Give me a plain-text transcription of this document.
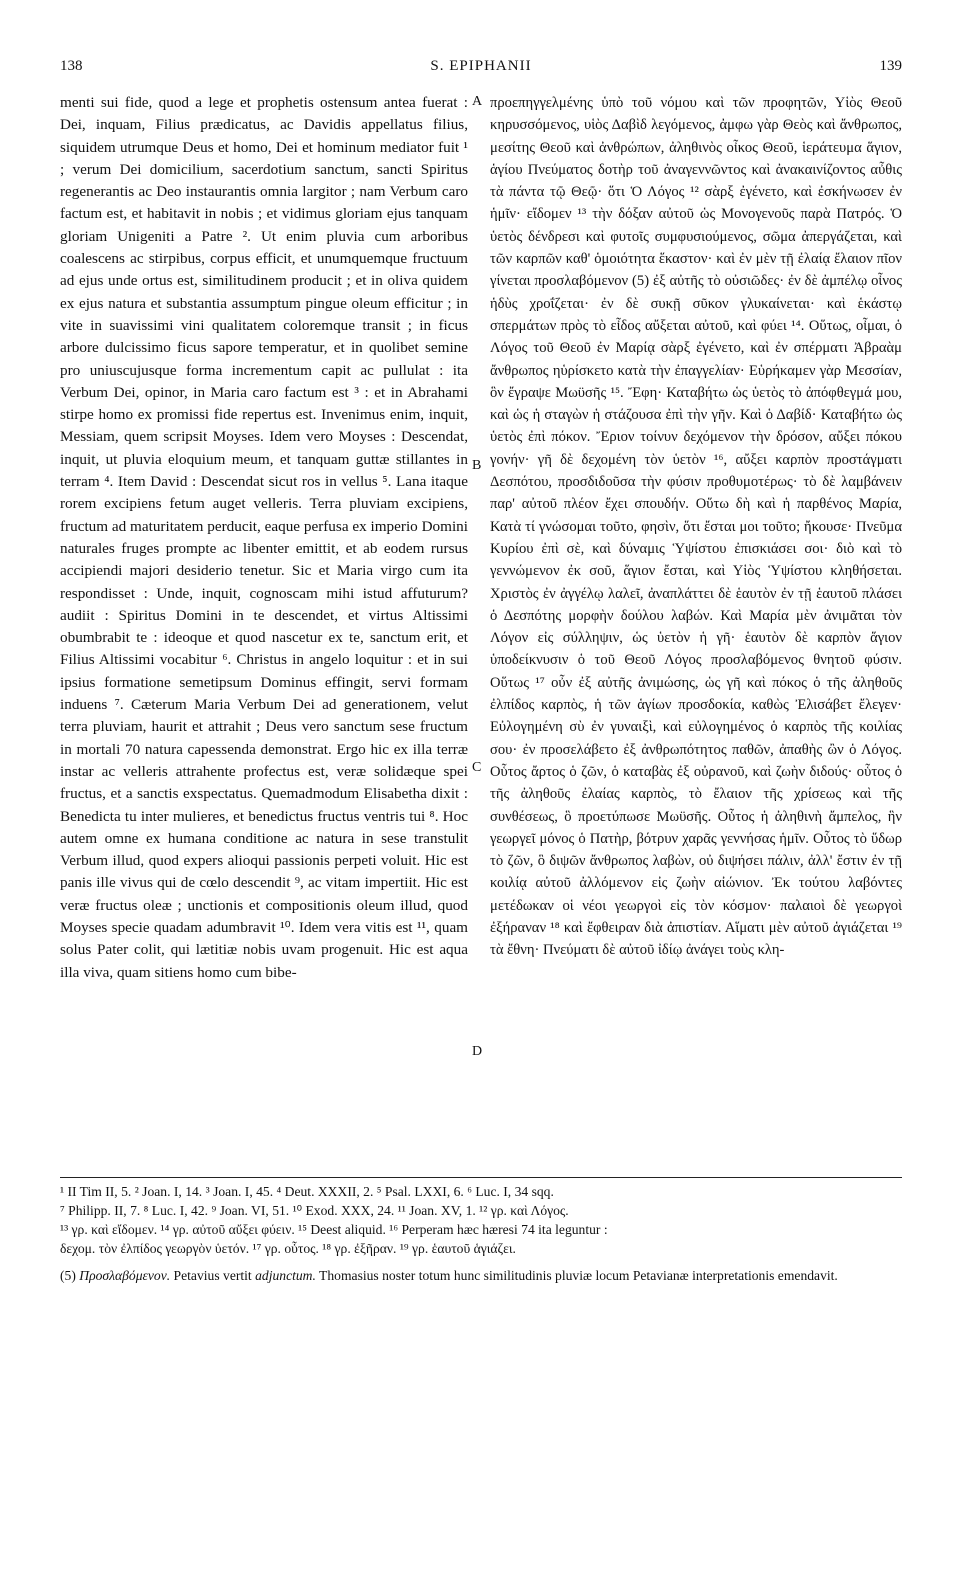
138	S. EPIPHANII	139

menti sui fide, quod a lege et prophetis ostensum antea fuerat : Dei, inquam, Filius prædicatus, ac Davidis appellatus filius, siquidem utrumque Deus et homo, Dei et hominum mediator fuit ¹ ; verum Dei domicilium, sacerdotium sanctum, sancti Spiritus regenerantis ac Deo instaurantis omnia largitor ; nam Verbum caro factum est, et habitavit in nobis ; et vidimus gloriam ejus tanquam gloriam Unigeniti a Patre ². Ut enim pluvia cum arboribus coalescens ac stirpibus, corpus efficit, et unumquemque fructuum ad ejus unde ortus est, similitudinem producit ; et in oliva quidem ex ejus natura et substantia assumptum pingue oleum efficitur ; in vite in suavissimi vini qualitatem coloremque transit ; in ficus arbore dulcissimo ficus sapore temperatur, et in quolibet semine pro uniuscujusque forma incrementum capit ac pullulat : ita Verbum Dei, opinor, in Maria caro factum est ³ : et in Abrahami stirpe homo ex promissi fide repertus est. Invenimus enim, inquit, Messiam, quem scripsit Moyses. Idem vero Moyses : Descendat, inquit, ut pluvia eloquium meum, et tanquam guttæ stillantes in terram ⁴. Item David : Descendat sicut ros in vellus ⁵. Lana itaque rorem excipiens fetum auget velleris. Terra pluviam excipiens, fructum ad maturitatem perducit, eaque perfusa ex imperio Domini naturales fruges prompte ac libenter emittit, et ab eodem rursus accipiendi majori desiderio tenetur. Sic et Maria virgo cum ita respondisset : Unde, inquit, cognoscam mihi istud affuturum? audiit : Spiritus Domini in te descendet, et virtus Altissimi obumbrabit te : ideoque et quod nascetur ex te, sanctum erit, et Filius Altissimi vocabitur ⁶. Christus in angelo loquitur : et in sui ipsius formatione semetipsum Dominus effingit, servi formam induens ⁷. Cæterum Maria Verbum Dei ad generationem, velut terra pluviam, haurit et attrahit ; Deus vero sanctum sese fructum in mortali 70 natura capessenda demonstrat. Ergo hic ex illa terræ instar ac velleris attrahente profectus est, veræ solidæque spei fructus, et a sanctis exspectatus. Quemadmodum Elisabetha dixit : Benedicta tu inter mulieres, et benedictus fructus ventris tui ⁸. Hoc autem omne ex humana conditione ac natura in sese transtulit Verbum illud, quod expers alioqui passionis perpeti voluit. Hic est panis ille vivus qui de cœlo descendit ⁹, ac vitam impertiit. Hic est veræ fructus oleæ ; unctionis et compositionis oleum illud, quod Moyses specie quadam adumbravit ¹⁰. Idem vera vitis est ¹¹, quam solus Pater colit, qui lætitiæ nobis uvam progenuit. Hic est aqua illa viva, quam sitiens homo cum bibe-

A
B
C
D

προεπηγγελμένης ὑπὸ τοῦ νόμου καὶ τῶν προφητῶν, Υἱὸς Θεοῦ κηρυσσόμενος, υἱὸς Δαβὶδ λεγόμενος, ἀμφω γὰρ Θεὸς καὶ ἄνθρωπος, μεσίτης Θεοῦ καὶ ἀνθρώπων, ἀληθινὸς οἶκος Θεοῦ, ἱεράτευμα ἅγιον, ἁγίου Πνεύματος δοτὴρ τοῦ ἀναγεννῶντος καὶ ἀνακαινίζοντος αὖθις τὰ πάντα τῷ Θεῷ· ὅτι Ὁ Λόγος ¹² σὰρξ ἐγένετο, καὶ ἐσκήνωσεν ἐν ἡμῖν· εἴδομεν ¹³ τὴν δόξαν αὐτοῦ ὡς Μονογενοῦς παρὰ Πατρός. Ὁ ὑετὸς δένδρεσι καὶ φυτοῖς συμφυσιούμενος, σῶμα ἀπεργάζεται, καὶ τῶν καρπῶν καθ' ὁμοιότητα ἕκαστον· καὶ ἐν μὲν τῇ ἐλαίᾳ ἔλαιον πῖον γίνεται προσλαβόμενον (5) ἐξ αὐτῆς τὸ οὐσιῶδες· ἐν δὲ ἀμπέλῳ οἶνος ἡδὺς χροΐζεται· ἐν δὲ συκῇ σῦκον γλυκαίνεται· καὶ ἑκάστῳ σπερμάτων πρὸς τὸ εἶδος αὔξεται αὐτοῦ, καὶ φύει ¹⁴. Οὕτως, οἶμαι, ὁ Λόγος τοῦ Θεοῦ ἐν Μαρίᾳ σὰρξ ἐγένετο, καὶ ἐν σπέρματι Ἀβραὰμ ἄνθρωπος ηὑρίσκετο κατὰ τὴν ἐπαγγελίαν· Εὑρήκαμεν γὰρ Μεσσίαν, ὃν ἔγραψε Μωϋσῆς ¹⁵. Ἔφη· Καταβήτω ὡς ὑετὸς τὸ ἀπόφθεγμά μου, καὶ ὡς ἡ σταγὼν ἡ στάζουσα ἐπὶ τὴν γῆν. Καὶ ὁ Δαβίδ· Καταβήτω ὡς ὑετὸς ἐπὶ πόκον. Ἔριον τοίνυν δεχόμενον τὴν δρόσον, αὔξει πόκου γονήν· γῆ δὲ δεχομένη τὸν ὑετὸν ¹⁶, αὔξει καρπὸν προστάγματι Δεσπότου, προσδιδοῦσα τὴν φύσιν προθυμοτέρως· τὸ δὲ λαμβάνειν παρ' αὐτοῦ πλέον ἔχει σπουδήν. Οὕτω δὴ καὶ ἡ παρθένος Μαρία, Κατὰ τί γνώσομαι τοῦτο, φησὶν, ὅτι ἔσται μοι τοῦτο; ἤκουσε· Πνεῦμα Κυρίου ἐπὶ σὲ, καὶ δύναμις Ὑψίστου ἐπισκιάσει σοι· διὸ καὶ τὸ γεννώμενον ἐκ σοῦ, ἅγιον ἔσται, καὶ Υἱὸς Ὑψίστου κληθήσεται. Χριστὸς ἐν ἀγγέλῳ λαλεῖ, ἀναπλάττει δὲ ἑαυτὸν ἐν τῇ ἑαυτοῦ πλάσει ὁ Δεσπότης μορφὴν δούλου λαβών. Καὶ Μαρία μὲν ἀνιμᾶται τὸν Λόγον εἰς σύλληψιν, ὡς ὑετὸν ἡ γῆ· ἑαυτὸν δὲ καρπὸν ἅγιον ὑποδείκνυσιν ὁ τοῦ Θεοῦ Λόγος προσλαβόμενος θνητοῦ φύσιν. Οὕτως ¹⁷ οὖν ἐξ αὐτῆς ἀνιμώσης, ὡς γῆ καὶ πόκος ὁ τῆς ἀληθοῦς ἐλπίδος καρπὸς, ἡ τῶν ἁγίων προσδοκία, καθὼς Ἐλισάβετ ἔλεγεν· Εὐλογημένη σὺ ἐν γυναιξὶ, καὶ εὐλογημένος ὁ καρπὸς τῆς κοιλίας σου· ἐν προσελάβετο ἐξ ἀνθρωπότητος παθῶν, ἀπαθὴς ὢν ὁ Λόγος. Οὗτος ἄρτος ὁ ζῶν, ὁ καταβὰς ἐξ οὐρανοῦ, καὶ ζωὴν διδούς· οὗτος ὁ τῆς ἀληθοῦς ἐλαίας καρπὸς, τὸ ἔλαιον τῆς χρίσεως καὶ τῆς συνθέσεως, ὃ προετύπωσε Μωϋσῆς. Οὗτος ἡ ἀληθινὴ ἄμπελος, ἣν γεωργεῖ μόνος ὁ Πατὴρ, βότρυν χαρᾶς γεννήσας ἡμῖν. Οὗτος τὸ ὕδωρ τὸ ζῶν, ὃ διψῶν ἄνθρωπος λαβὼν, οὐ διψήσει πάλιν, ἀλλ' ἔστιν ἐν τῇ κοιλίᾳ αὐτοῦ ἀλλόμενον εἰς ζωὴν αἰώνιον. Ἐκ τούτου λαβόντες μετέδωκαν οἱ νέοι γεωργοὶ εἰς τὸν κόσμον· παλαιοὶ δὲ γεωργοὶ ἐξήραναν ¹⁸ καὶ ἔφθειραν διὰ ἀπιστίαν. Αἵματι μὲν αὐτοῦ ἁγιάζεται ¹⁹ τὰ ἔθνη· Πνεύματι δὲ αὐτοῦ ἰδίῳ ἀνάγει τοὺς κλη-

¹ II Tim II, 5. ² Joan. I, 14. ³ Joan. I, 45. ⁴ Deut. XXXII, 2. ⁵ Psal. LXXI, 6. ⁶ Luc. I, 34 sqq.
⁷ Philipp. II, 7. ⁸ Luc. I, 42. ⁹ Joan. VI, 51. ¹⁰ Exod. XXX, 24. ¹¹ Joan. XV, 1. ¹² γρ. καὶ Λόγος.
¹³ γρ. καὶ εἴδομεν. ¹⁴ γρ. αὐτοῦ αὔξει φύειν. ¹⁵ Deest aliquid. ¹⁶ Perperam hæc hæresi 74 ita leguntur :
δεχομ. τὸν ἐλπίδος γεωργὸν ὑετόν. ¹⁷ γρ. οὗτος. ¹⁸ γρ. ἐξῆραν. ¹⁹ γρ. ἑαυτοῦ ἁγιάζει.
(5) Προσλαβόμενον. Petavius vertit adjunctum. Thomasius noster totum hunc similitudinis pluviæ locum Petavianæ interpretationis emendavit.
